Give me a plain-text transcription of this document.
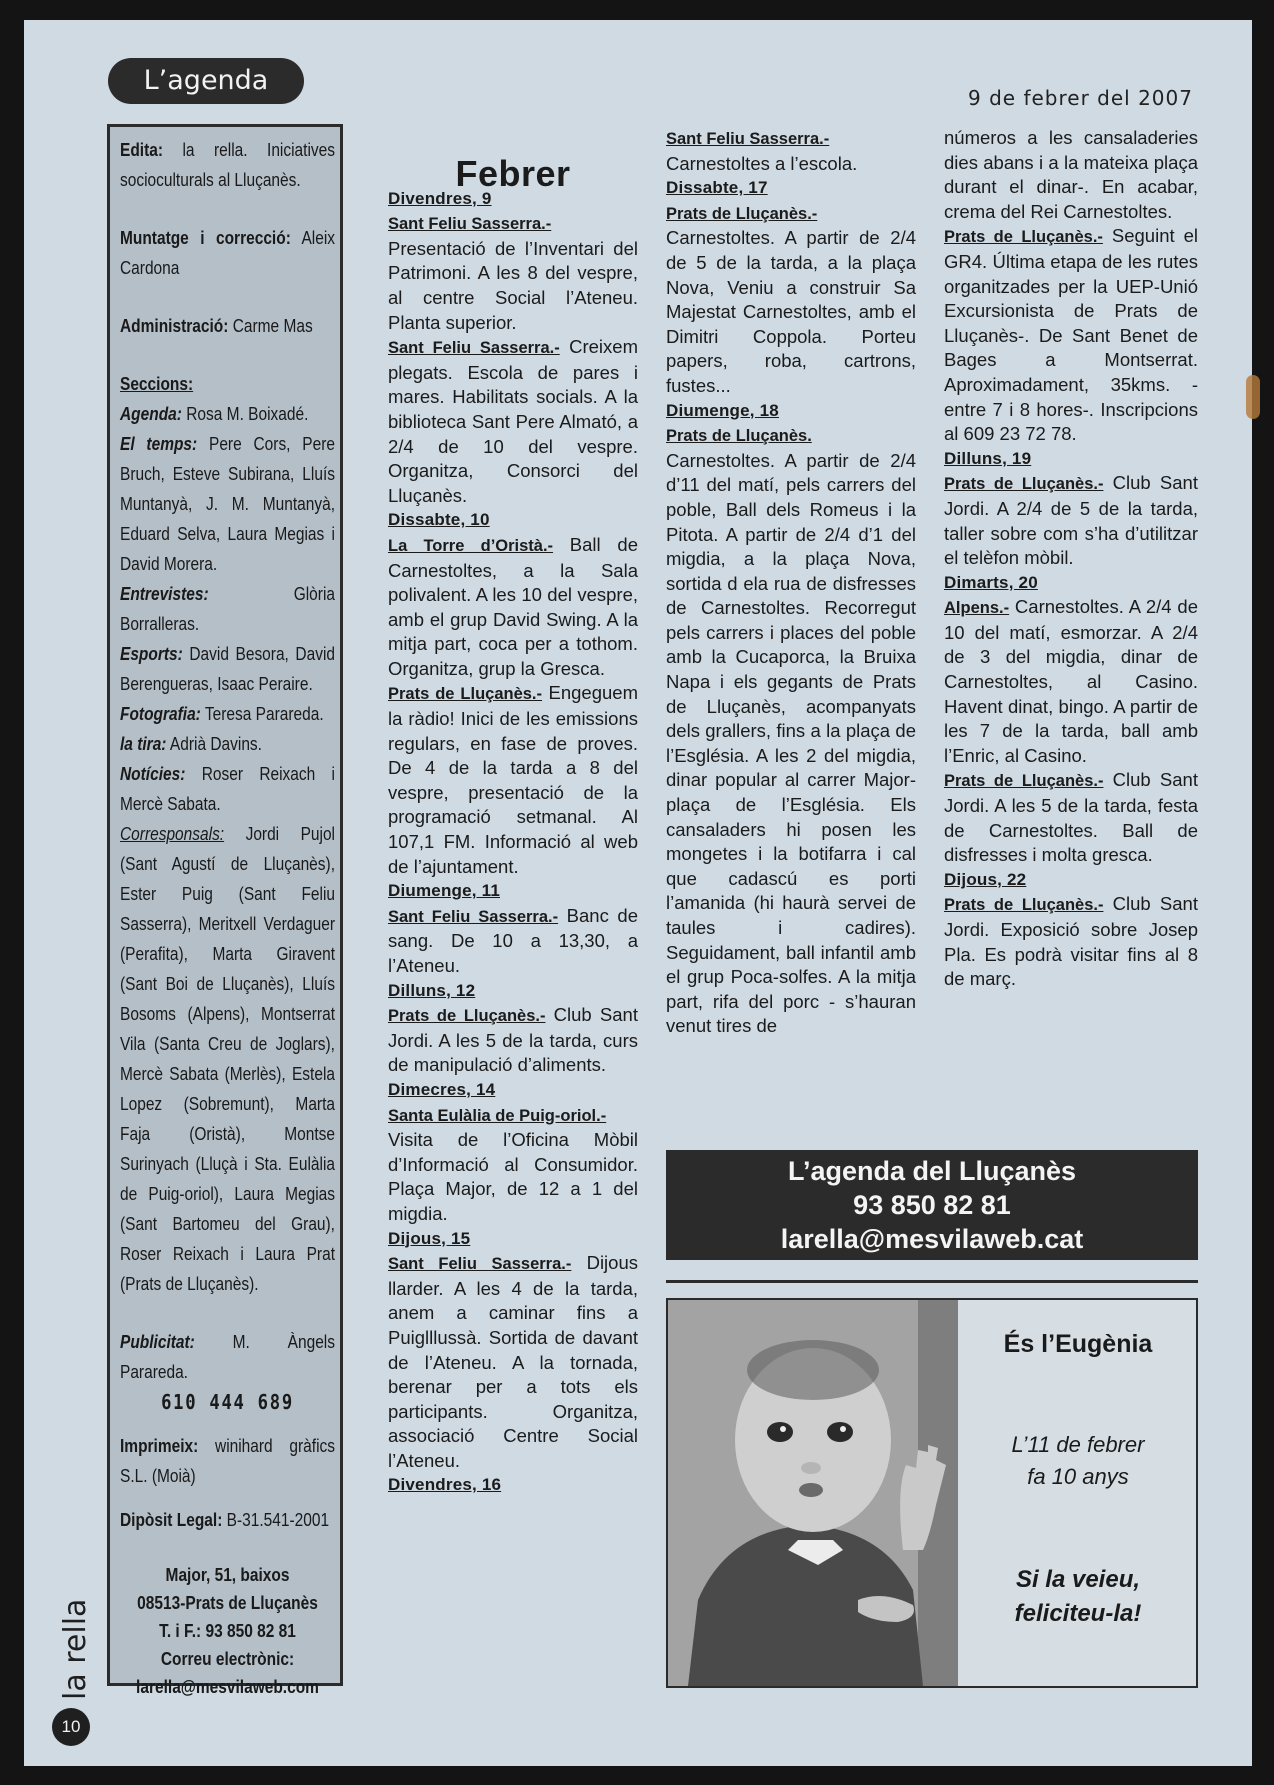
L’agenda
9 de febrer del 2007
Edita: la rella. Iniciatives socioculturals al Lluçanès.
Muntatge i correcció: Aleix Cardona
Administració: Carme Mas
Seccions:
Agenda: Rosa M. Boixadé.
El temps: Pere Cors, Pere Bruch, Esteve Subirana, Lluís Muntanyà, J. M. Muntanyà, Eduard Selva, Laura Megias i David Morera.
Entrevistes:	Glòria Borralleras.
Esports: David Besora, David Berengueras, Isaac Peraire.
Fotografia: Teresa Parareda.
la tira: Adrià Davins.
Notícies: Roser Reixach i Mercè Sabata.
Corresponsals: Jordi Pujol (Sant Agustí de Lluçanès), Ester Puig (Sant Feliu Sasserra), Meritxell Verdaguer (Perafita), Marta Giravent (Sant Boi de Lluçanès), Lluís Bosoms (Alpens), Montserrat Vila (Santa Creu de Joglars), Mercè Sabata (Merlès), Estela Lopez (Sobremunt), Marta Faja (Oristà), Montse Surinyach (Lluçà i Sta. Eulàlia de Puig-oriol), Laura Megias (Sant Bartomeu del Grau), Roser Reixach i Laura Prat (Prats de Lluçanès).
Publicitat: M. Àngels Parareda.

610 444 689

Imprimeix: winihard gràfics S.L. (Moià)
Dipòsit Legal: B-31.541-2001
Major, 51, baixos
08513-Prats de Lluçanès
T. i F.: 93 850 82 81
Correu electrònic:
larella@mesvilaweb.com
la rella
10

Febrer

Divendres, 9

Sant Feliu Sasserra.-

Presentació de l’Inventari del Patrimoni. A les 8 del vespre, al centre Social l’Ateneu. Planta superior.

Sant Feliu Sasserra.- Creixem plegats. Escola de pares i mares. Habilitats socials. A la biblioteca Sant Pere Almató, a 2/4 de 10 del vespre. Organitza, Consorci del Lluçanès.

Dissabte, 10

La Torre d’Oristà.- Ball de Carnestoltes, a la Sala polivalent. A les 10 del vespre, amb el grup David Swing. A la mitja part, coca per a tothom. Organitza, grup la Gresca.

Prats de Lluçanès.- Engeguem la ràdio! Inici de les emissions regulars, en fase de proves. De 4 de la tarda a 8 del vespre, presentació de la programació setmanal. Al 107,1 FM. Informació al web de l’ajuntament.

Diumenge, 11

Sant Feliu Sasserra.- Banc de sang. De 10 a 13,30, a l’Ateneu.

Dilluns, 12

Prats de Lluçanès.- Club Sant Jordi. A les 5 de la tarda, curs de manipulació d’aliments.

Dimecres, 14

Santa Eulàlia de Puig-oriol.-

Visita de l’Oficina Mòbil d’Informació al Consumidor. Plaça Major, de 12 a 1 del migdia.

Dijous, 15

Sant Feliu Sasserra.- Dijous llarder. A les 4 de la tarda, anem a caminar fins a Puiglllussà. Sortida de davant de l’Ateneu. A la tornada, berenar per a tots els participants. Organitza, associació Centre Social l’Ateneu.

Divendres, 16

Sant Feliu Sasserra.-

Carnestoltes a l’escola.

Dissabte, 17

Prats de Lluçanès.-

Carnestoltes. A partir de 2/4 de 5 de la tarda, a la plaça Nova, Veniu a construir Sa Majestat Carnestoltes, amb el Dimitri Coppola. Porteu papers, roba, cartrons, fustes...

Diumenge, 18

Prats de Lluçanès.

Carnestoltes. A partir de 2/4 d’11 del matí, pels carrers del poble, Ball dels Romeus i la Pitota. A partir de 2/4 d’1 del migdia, a la plaça Nova, sortida d ela rua de disfresses de Carnestoltes. Recorregut pels carrers i places del poble amb la Cucaporca, la Bruixa Napa i els gegants de Prats de Lluçanès, acompanyats dels grallers, fins a la plaça de l’Església. A les 2 del migdia, dinar popular al carrer Major-plaça de l’Església. Els cansaladers hi posen les mongetes i la botifarra i cal que cadascú es porti l’amanida (hi haurà servei de taules i cadires). Seguidament, ball infantil amb el grup Poca-solfes. A la mitja part, rifa del porc - s’hauran venut tires de

números a les cansaladeries dies abans i a la mateixa plaça durant el dinar-. En acabar, crema del Rei Carnestoltes.

Prats de Lluçanès.- Seguint el GR4. Última etapa de les rutes organitzades per la UEP-Unió Excursionista de Prats de Lluçanès-. De Sant Benet de Bages a Montserrat. Aproximadament, 35kms. -entre 7 i 8 hores-. Inscripcions al 609 23 72 78.

Dilluns, 19

Prats de Lluçanès.- Club Sant Jordi. A 2/4 de 5 de la tarda, taller sobre com s’ha d’utilitzar el telèfon mòbil.

Dimarts, 20

Alpens.- Carnestoltes. A 2/4 de 10 del matí, esmorzar. A 2/4 de 3 del migdia, dinar de Carnestoltes, al Casino. Havent dinat, bingo. A partir de les 7 de la tarda, ball amb l’Enric, al Casino.

Prats de Lluçanès.- Club Sant Jordi. A les 5 de la tarda, festa de Carnestoltes. Ball de disfresses i molta gresca.

Dijous, 22

Prats de Lluçanès.- Club Sant Jordi. Exposició sobre Josep Pla. Es podrà visitar fins al 8 de març.

L’agenda del Lluçanès
93 850 82 81
larella@mesvilaweb.cat
És l’Eugènia
L’11 de febrer
fa 10 anys
Si la veieu,
feliciteu-la!
